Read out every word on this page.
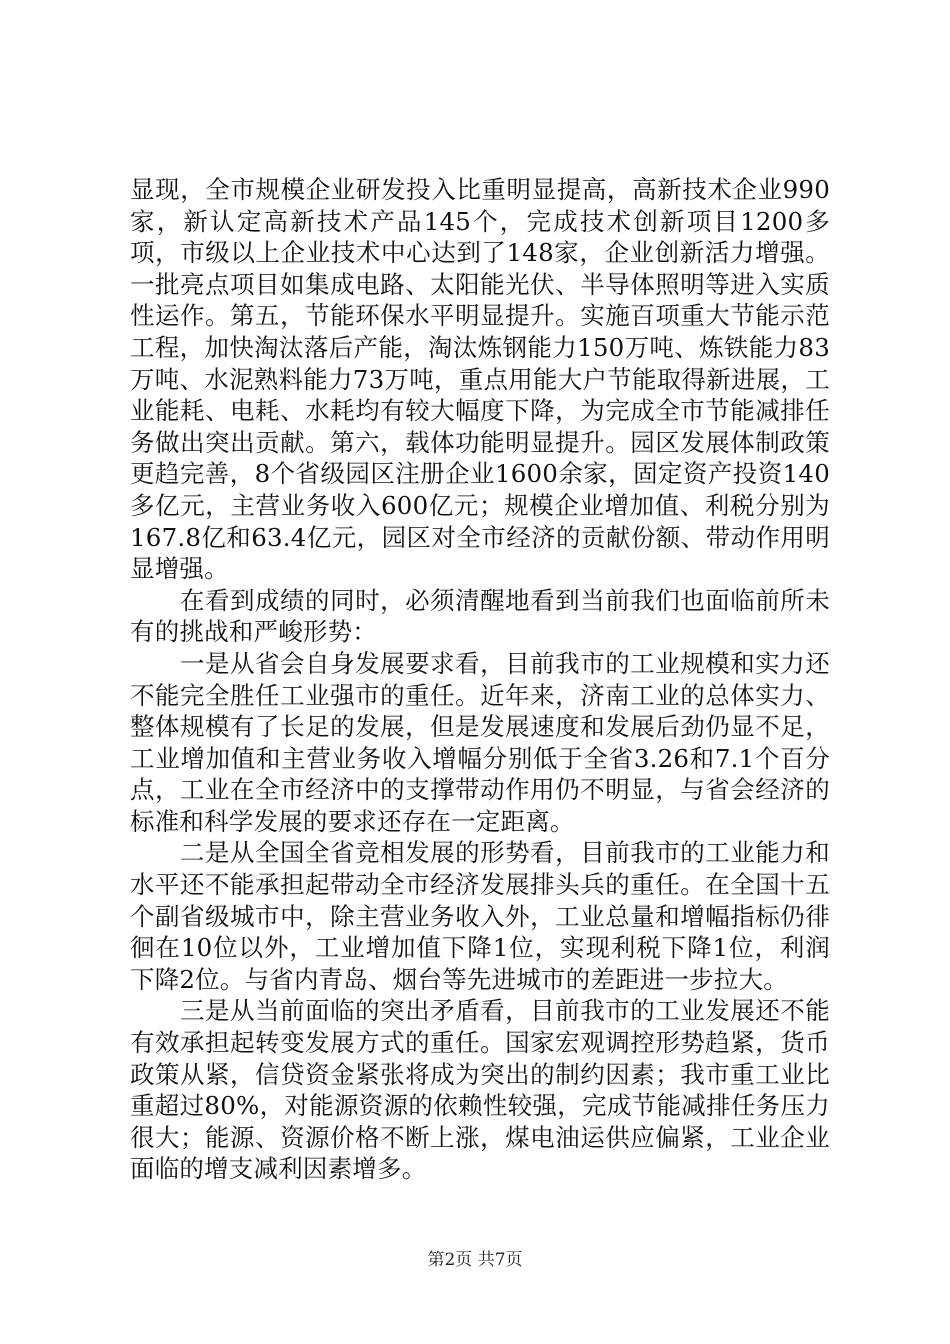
显现，全市规模企业研发投入比重明显提高，高新技术企业990家，新认定高新技术产品145个，完成技术创新项目1200多项，市级以上企业技术中心达到了148家，企业创新活力增强。一批亮点项目如集成电路、太阳能光伏、半导体照明等进入实质性运作。第五，节能环保水平明显提升。实施百项重大节能示范工程，加快淘汰落后产能，淘汰炼钢能力150万吨、炼铁能力83万吨、水泥熟料能力73万吨，重点用能大户节能取得新进展，工业能耗、电耗、水耗均有较大幅度下降，为完成全市节能减排任务做出突出贡献。第六，载体功能明显提升。园区发展体制政策更趋完善，8个省级园区注册企业1600余家，固定资产投资140多亿元，主营业务收入600亿元；规模企业增加值、利税分别为167.8亿和63.4亿元，园区对全市经济的贡献份额、带动作用明显增强。

在看到成绩的同时，必须清醒地看到当前我们也面临前所未有的挑战和严峻形势：

一是从省会自身发展要求看，目前我市的工业规模和实力还不能完全胜任工业强市的重任。近年来，济南工业的总体实力、整体规模有了长足的发展，但是发展速度和发展后劲仍显不足，工业增加值和主营业务收入增幅分别低于全省3.26和7.1个百分点，工业在全市经济中的支撑带动作用仍不明显，与省会经济的标准和科学发展的要求还存在一定距离。

二是从全国全省竞相发展的形势看，目前我市的工业能力和水平还不能承担起带动全市经济发展排头兵的重任。在全国十五个副省级城市中，除主营业务收入外，工业总量和增幅指标仍徘徊在10位以外，工业增加值下降1位，实现利税下降1位，利润下降2位。与省内青岛、烟台等先进城市的差距进一步拉大。

三是从当前面临的突出矛盾看，目前我市的工业发展还不能有效承担起转变发展方式的重任。国家宏观调控形势趋紧，货币政策从紧，信贷资金紧张将成为突出的制约因素；我市重工业比重超过80%，对能源资源的依赖性较强，完成节能减排任务压力很大；能源、资源价格不断上涨，煤电油运供应偏紧，工业企业面临的增支减利因素增多。

第2页 共7页
